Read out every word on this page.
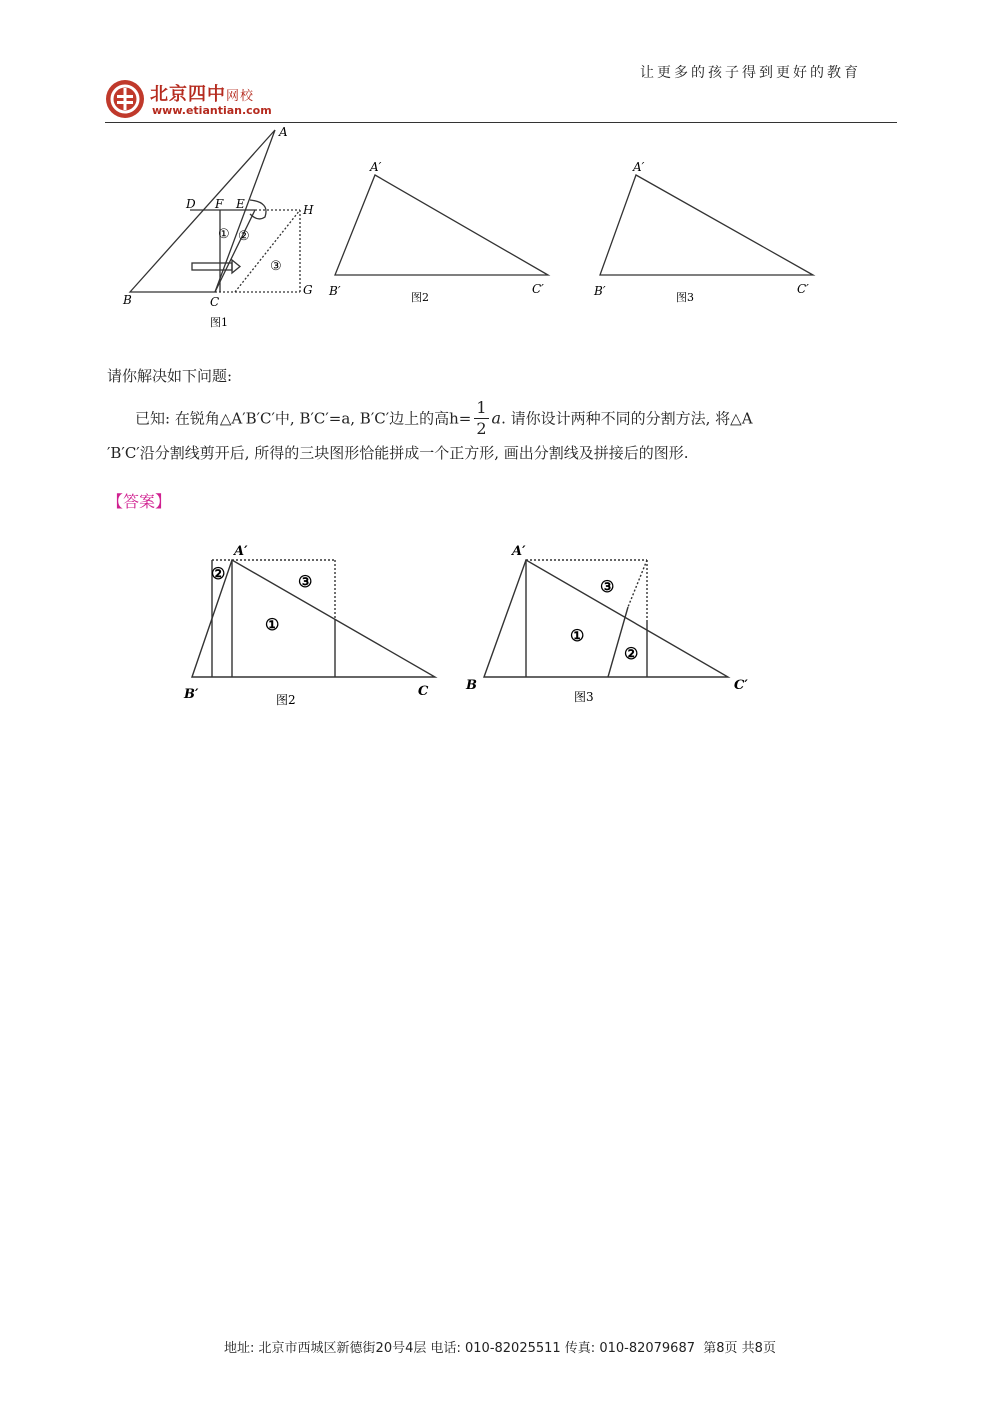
北京四中网校
www.etiantian.com
让更多的孩子得到更好的教育
A
B	C
D	E
F
G
H
① ②
③
图1
A′
B′	C′
图2
A′
B′	C′
图3
请你解决如下问题:
已知: 在锐角△A′B′C′中, B′C′=a, B′C′边上的高$h= \frac{1}{2} a$. 请你设计两种不同的分割方法, 将△A
′B′C′沿分割线剪开后, 所得的三块图形恰能拼成一个正方形, 画出分割线及拼接后的图形.
【答案】
A′
B′	C
①
②	③
图2
A′
B	C′
①
②
③
图3
地址: 北京市西城区新德街20号4层 电话: 010-82025511 传真: 010-82079687 第8页 共8页
